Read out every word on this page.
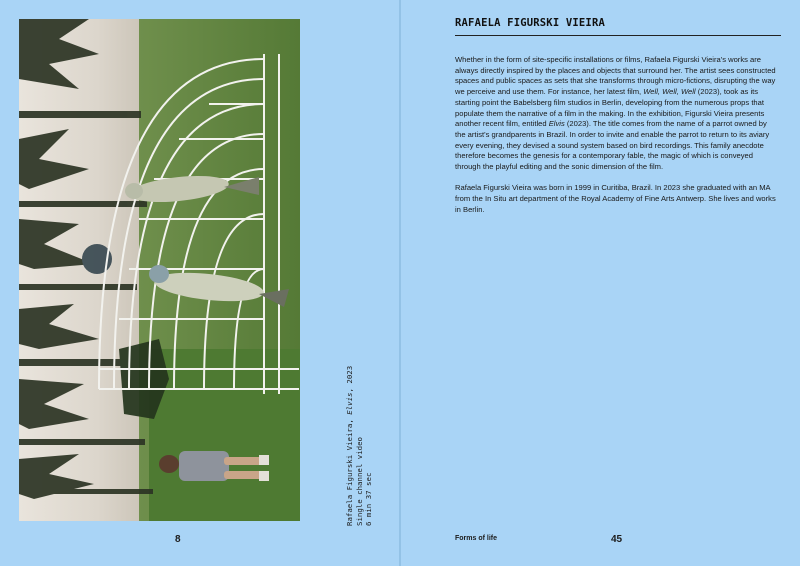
Rafaela Figurski Vieira, Elvis, 2023
Single channel video 6 min 37 sec
8
RAFAELA FIGURSKI VIEIRA

Whether in the form of site-specific installations or films, Rafaela Figurski Vieira's works are always directly inspired by the places and objects that surround her. The artist sees constructed spaces and public spaces as sets that she transforms through micro-fictions, disrupting the way we perceive and use them. For instance, her latest film, Well, Well, Well (2023), took as its starting point the Babelsberg film studios in Berlin, developing from the numerous props that populate them the narrative of a film in the making. In the exhibition, Figurski Vieira presents another recent film, entitled Elvis (2023). The title comes from the name of a parrot owned by the artist's grandparents in Brazil. In order to invite and enable the parrot to return to its aviary every evening, they devised a sound system based on bird recordings. This family anecdote therefore becomes the genesis for a contemporary fable, the magic of which is conveyed through the playful editing and the sonic dimension of the film.

Rafaela Figurski Vieira was born in 1999 in Curitiba, Brazil. In 2023 she graduated with an MA from the In Situ art department of the Royal Academy of Fine Arts Antwerp. She lives and works in Berlin.

Forms of life	45
